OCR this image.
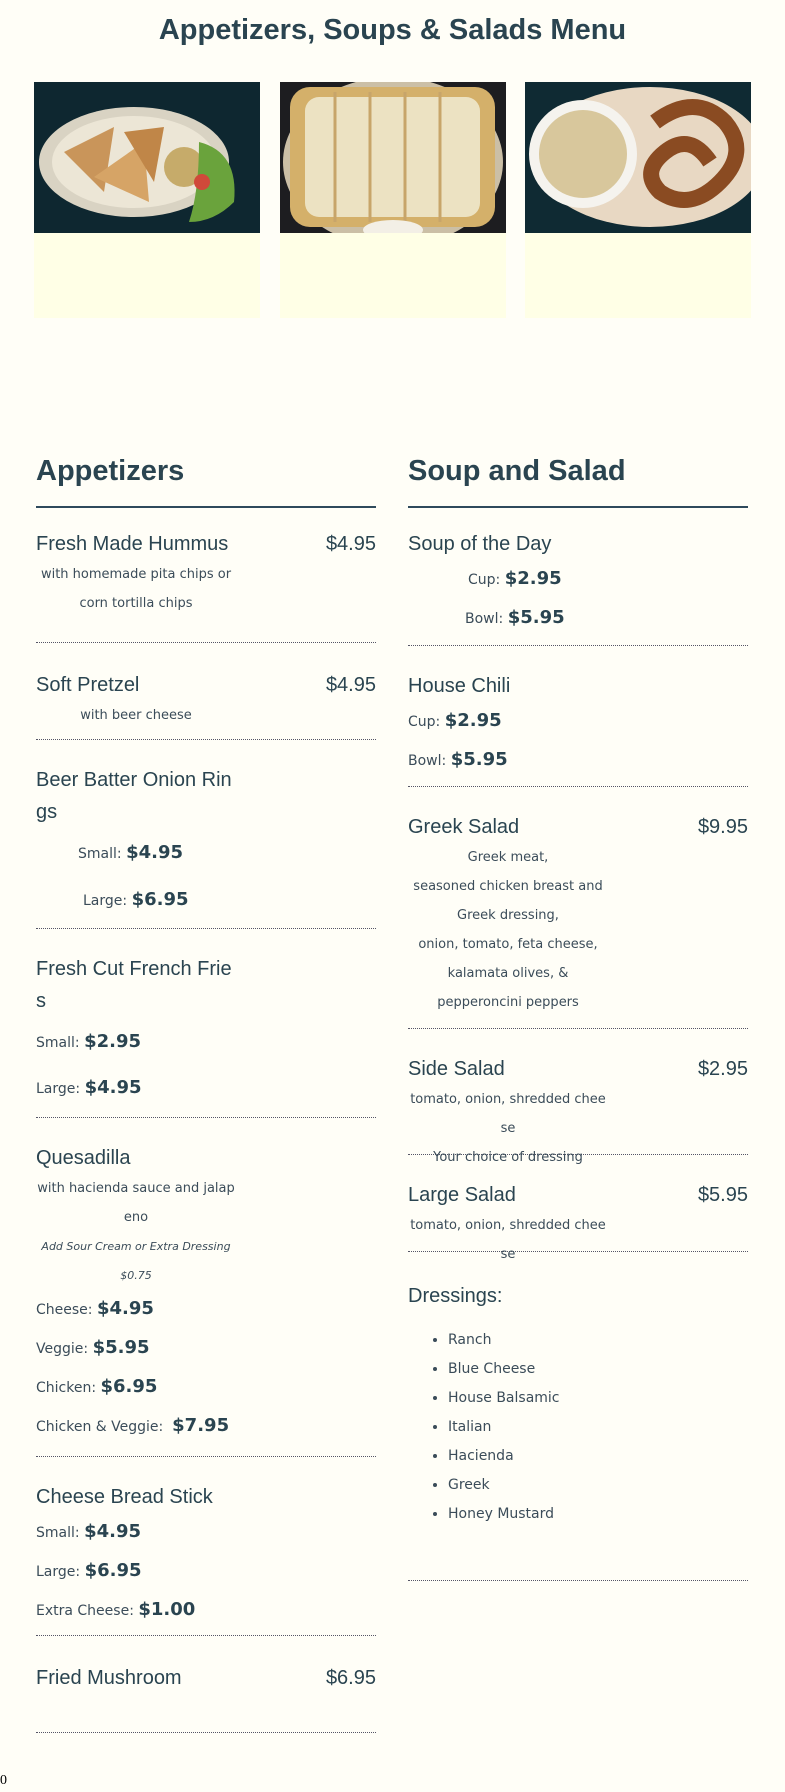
Appetizers, Soups & Salads Menu
Appetizers
$4.95
Fresh Made Hummus
with homemade pita chips or
corn tortilla chips
$4.95
Soft Pretzel
with beer cheese
Beer Batter Onion Rings
Small: $4.95
Large: $6.95
Fresh Cut French Fries
Small: $2.95
Large: $4.95
Quesadilla
with hacienda sauce and jalapeno
Add Sour Cream or Extra Dressing $0.75
Cheese: $4.95
Veggie: $5.95
Chicken: $6.95
Chicken & Veggie: $7.95
Cheese Bread Stick
Small: $4.95
Large: $6.95
Extra Cheese: $1.00
$6.95
Fried Mushroom
Soup and Salad
Soup of the Day
Cup: $2.95
Bowl: $5.95
House Chili
Cup: $2.95
Bowl: $5.95
$9.95
Greek Salad
Greek meat,
seasoned chicken breast and
Greek dressing,
onion, tomato, feta cheese,
kalamata olives, &
pepperoncini peppers
$2.95
Side Salad
tomato, onion, shredded cheese
Your choice of dressing
$5.95
Large Salad
tomato, onion, shredded cheese
Dressings:
• Ranch
• Blue Cheese
• House Balsamic
• Italian
• Hacienda
• Greek
• Honey Mustard
0
